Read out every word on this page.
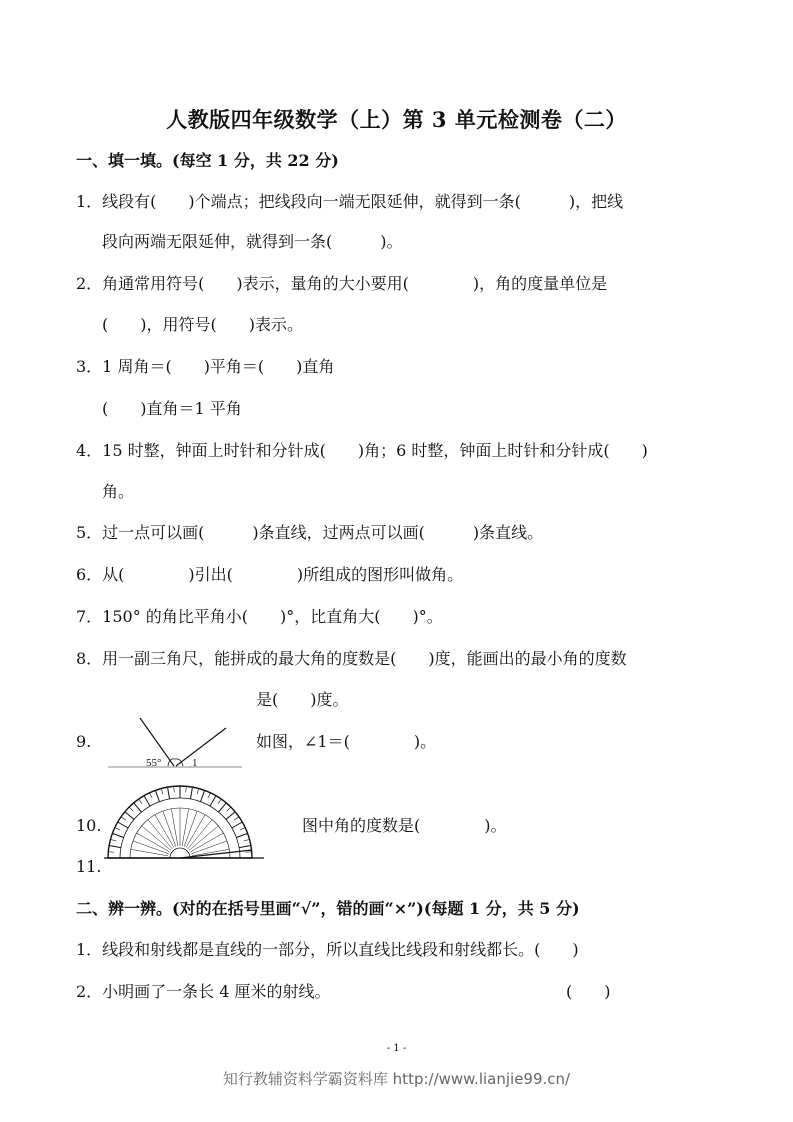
人教版四年级数学（上）第 3 单元检测卷（二）
一、填一填。(每空 1 分，共 22 分)
1．线段有(　　)个端点；把线段向一端无限延伸，就得到一条(　　　)，把线
段向两端无限延伸，就得到一条(　　　)。
2．角通常用符号(　　)表示，量角的大小要用(　　　　)，角的度量单位是
(　　)，用符号(　　)表示。
3．1 周角＝(　　)平角＝(　　)直角
(　　)直角＝1 平角
4．15 时整，钟面上时针和分针成(　　)角；6 时整，钟面上时针和分针成(　　)
角。
5．过一点可以画(　　　)条直线，过两点可以画(　　　)条直线。
6．从(　　　　)引出(　　　　)所组成的图形叫做角。
7．150° 的角比平角小(　　)°，比直角大(　　)°。
8．用一副三角尺，能拼成的最大角的度数是(　　)度，能画出的最小角的度数
是(　　)度。
9.	如图，∠1＝(　　　　)。
55°	1
10.	图中角的度数是(　　　　)。
11.
二、辨一辨。(对的在括号里画“√”，错的画“×”)(每题 1 分，共 5 分)
1．线段和射线都是直线的一部分，所以直线比线段和射线都长。(　　)
2．小明画了一条长 4 厘米的射线。	(　　)
- 1 -
知行教辅资料学霸资料库 http://www.lianjie99.cn/
